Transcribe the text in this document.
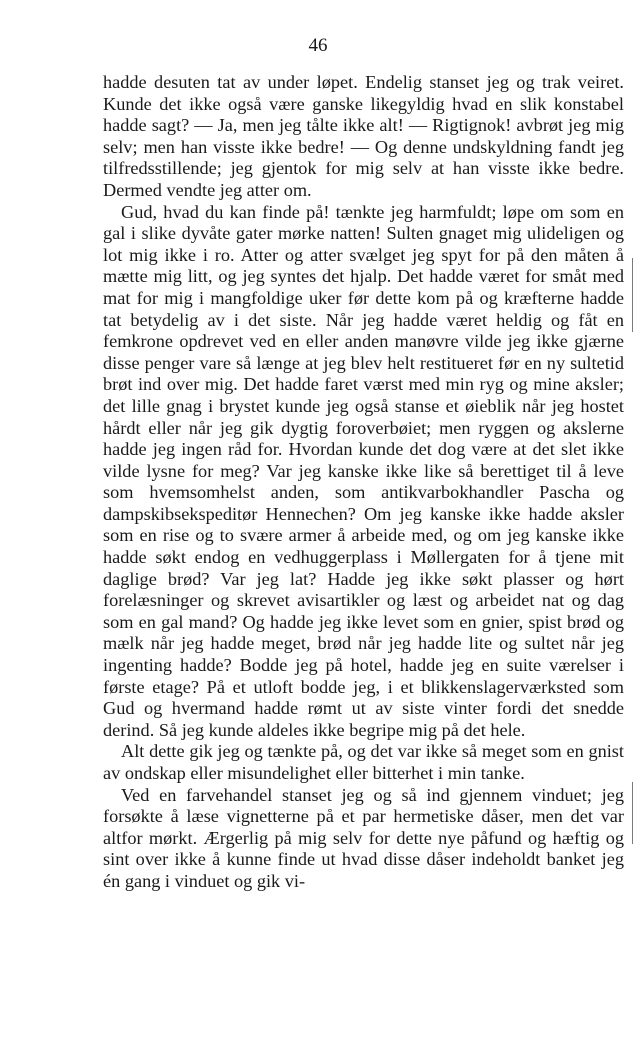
46

hadde desuten tat av under løpet. Endelig stanset jeg og trak veiret. Kunde det ikke også være ganske likegyldig hvad en slik konstabel hadde sagt? — Ja, men jeg tålte ikke alt! — Rigtignok! avbrøt jeg mig selv; men han visste ikke bedre! — Og denne undskyldning fandt jeg tilfredsstillende; jeg gjentok for mig selv at han visste ikke bedre. Dermed vendte jeg atter om.

Gud, hvad du kan finde på! tænkte jeg harmfuldt; løpe om som en gal i slike dyvåte gater mørke natten! Sulten gnaget mig ulideligen og lot mig ikke i ro. Atter og atter svælget jeg spyt for på den måten å mætte mig litt, og jeg syntes det hjalp. Det hadde været for småt med mat for mig i mangfoldige uker før dette kom på og kræfterne hadde tat betydelig av i det siste. Når jeg hadde været heldig og fåt en femkrone opdrevet ved en eller anden manøvre vilde jeg ikke gjærne disse penger vare så længe at jeg blev helt restitueret før en ny sultetid brøt ind over mig. Det hadde faret værst med min ryg og mine aksler; det lille gnag i brystet kunde jeg også stanse et øieblik når jeg hostet hårdt eller når jeg gik dygtig foroverbøiet; men ryggen og akslerne hadde jeg ingen råd for. Hvordan kunde det dog være at det slet ikke vilde lysne for meg? Var jeg kanske ikke like så berettiget til å leve som hvemsomhelst anden, som antikvarbokhandler Pascha og dampskibsekspeditør Hennechen? Om jeg kanske ikke hadde aksler som en rise og to svære armer å arbeide med, og om jeg kanske ikke hadde søkt endog en vedhuggerplass i Møllergaten for å tjene mit daglige brød? Var jeg lat? Hadde jeg ikke søkt plasser og hørt forelæsninger og skrevet avisartikler og læst og arbeidet nat og dag som en gal mand? Og hadde jeg ikke levet som en gnier, spist brød og mælk når jeg hadde meget, brød når jeg hadde lite og sultet når jeg ingenting hadde? Bodde jeg på hotel, hadde jeg en suite værelser i første etage? På et utloft bodde jeg, i et blikkenslagerværksted som Gud og hvermand hadde rømt ut av siste vinter fordi det snedde derind. Så jeg kunde aldeles ikke begripe mig på det hele.

Alt dette gik jeg og tænkte på, og det var ikke så meget som en gnist av ondskap eller misundelighet eller bitterhet i min tanke.

Ved en farvehandel stanset jeg og så ind gjennem vinduet; jeg forsøkte å læse vignetterne på et par hermetiske dåser, men det var altfor mørkt. Ærgerlig på mig selv for dette nye påfund og hæftig og sint over ikke å kunne finde ut hvad disse dåser indeholdt banket jeg én gang i vinduet og gik vi-
